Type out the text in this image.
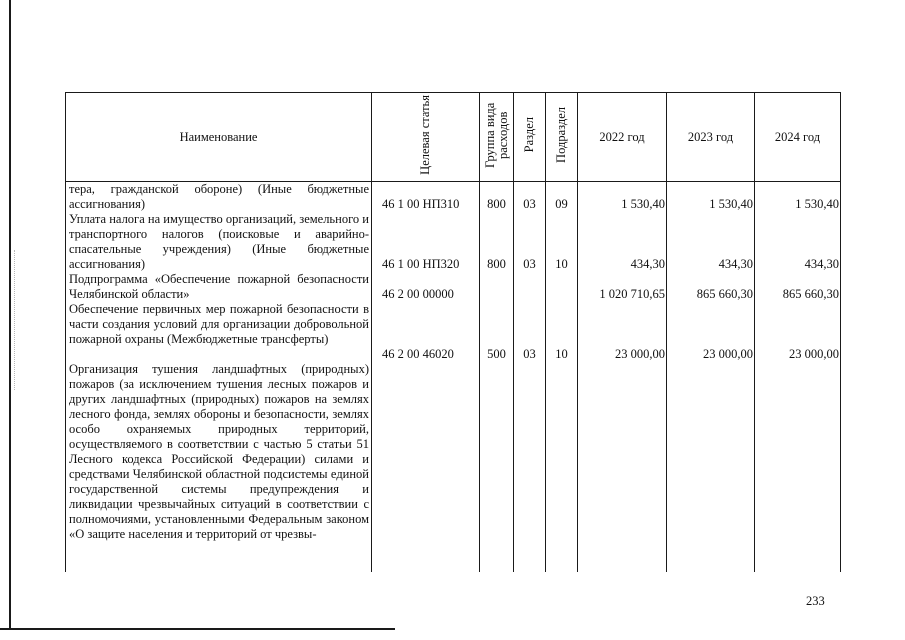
Наименование	Целевая статья	Группа вида расходов	Раздел	Подраздел	2022 год	2023 год	2024 год

тера, гражданской обороне) (Иные бюджетные ассигнования)	46 1 00 НП310	800	03	09	1 530,40	1 530,40	1 530,40

Уплата налога на имущество организаций, земельного и транспортного налогов (поисковые и аварийно-спасательные учреждения) (Иные бюджетные ассигнования)	46 1 00 НП320	800	03	10	434,30	434,30	434,30

Подпрограмма «Обеспечение пожарной безопасности Челябинской области»	46 2 00 00000				1 020 710,65	865 660,30	865 660,30

Обеспечение первичных мер пожарной безопасности в части создания условий для организации добровольной пожарной охраны (Межбюджетные трансферты)	46 2 00 46020	500	03	10	23 000,00	23 000,00	23 000,00

Организация тушения ландшафтных (природных) пожаров (за исключением тушения лесных пожаров и других ландшафтных (природных) пожаров на землях лесного фонда, землях обороны и безопасности, землях особо охраняемых природных территорий, осуществляемого в соответствии с частью 5 статьи 51 Лесного кодекса Российской Федерации) силами и средствами Челябинской областной подсистемы единой государственной системы предупреждения и ликвидации чрезвычайных ситуаций в соответствии с полномочиями, установленными Федеральным законом «О защите населения и территорий от чрезвы-							

233
